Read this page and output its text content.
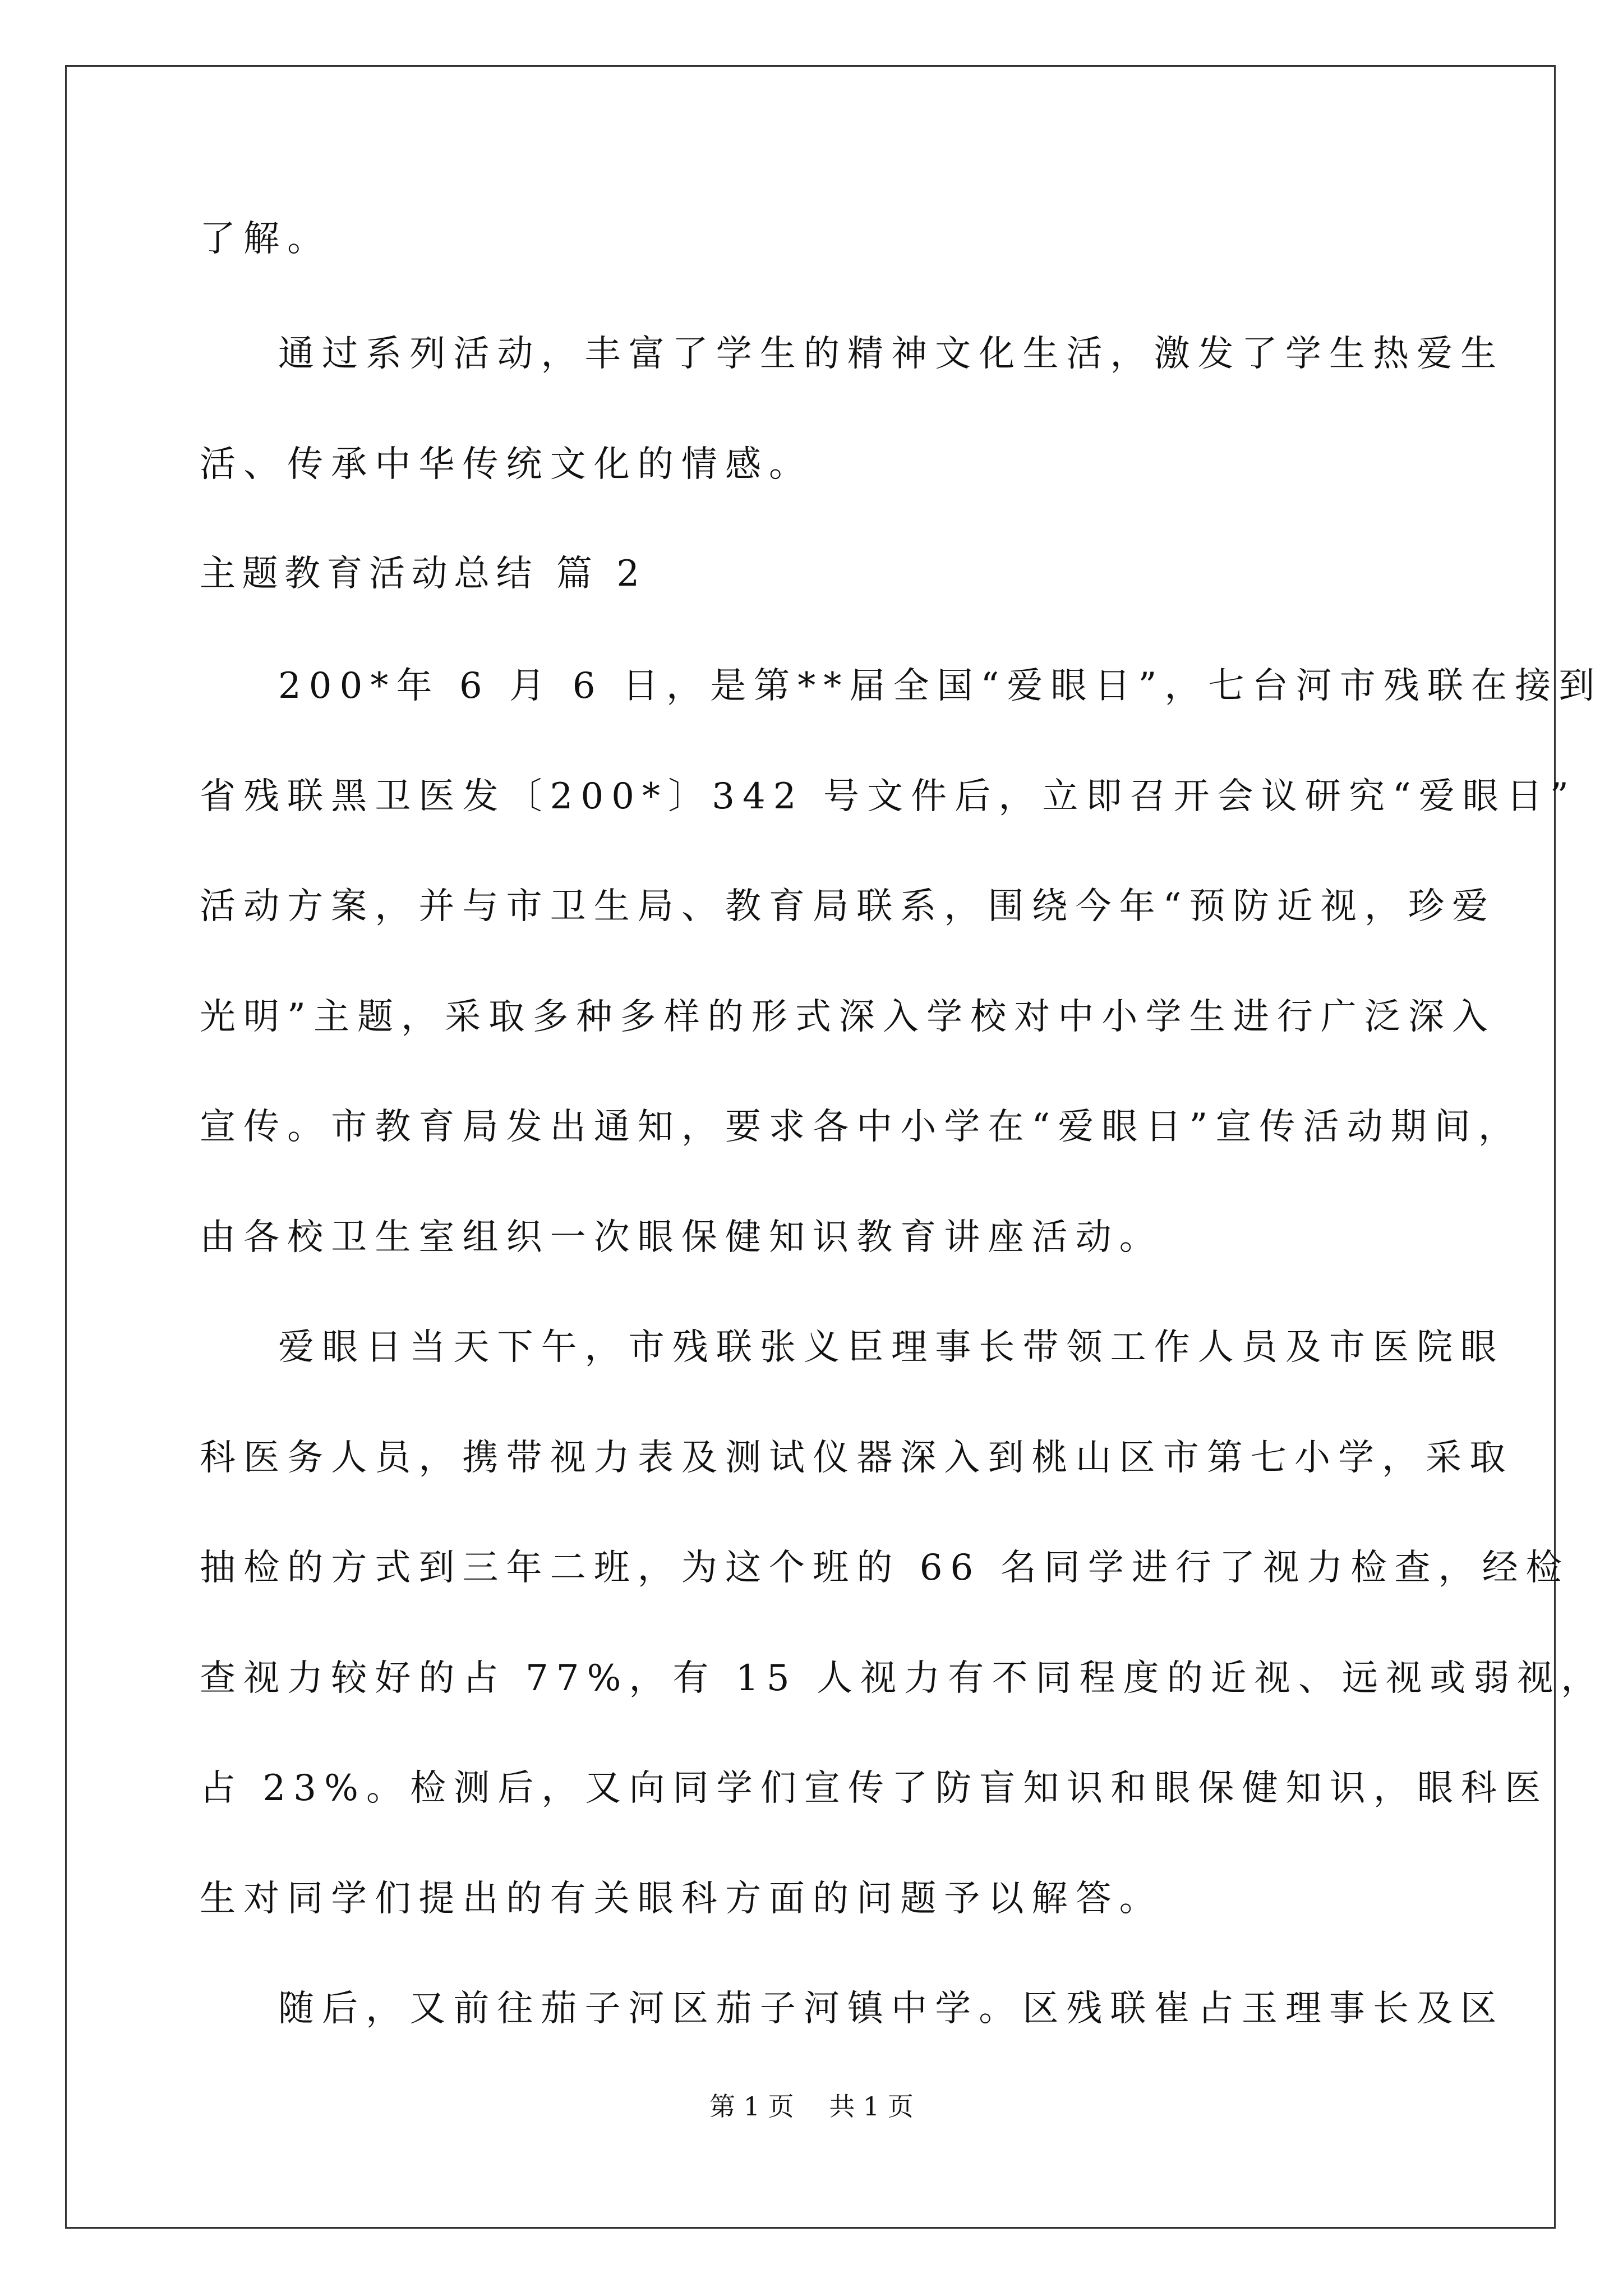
了解。
通过系列活动，丰富了学生的精神文化生活，激发了学生热爱生
活、传承中华传统文化的情感。
主题教育活动总结 篇 2
200*年 6 月 6 日，是第**届全国“爱眼日”，七台河市残联在接到
省残联黑卫医发〔200*〕342 号文件后，立即召开会议研究“爱眼日”
活动方案，并与市卫生局、教育局联系，围绕今年“预防近视，珍爱
光明”主题，采取多种多样的形式深入学校对中小学生进行广泛深入
宣传。市教育局发出通知，要求各中小学在“爱眼日”宣传活动期间，
由各校卫生室组织一次眼保健知识教育讲座活动。
爱眼日当天下午，市残联张义臣理事长带领工作人员及市医院眼
科医务人员，携带视力表及测试仪器深入到桃山区市第七小学，采取
抽检的方式到三年二班，为这个班的 66 名同学进行了视力检查，经检
查视力较好的占 77%，有 15 人视力有不同程度的近视、远视或弱视，
占 23%。检测后，又向同学们宣传了防盲知识和眼保健知识，眼科医
生对同学们提出的有关眼科方面的问题予以解答。
随后，又前往茄子河区茄子河镇中学。区残联崔占玉理事长及区
第 1 页 共 1 页
